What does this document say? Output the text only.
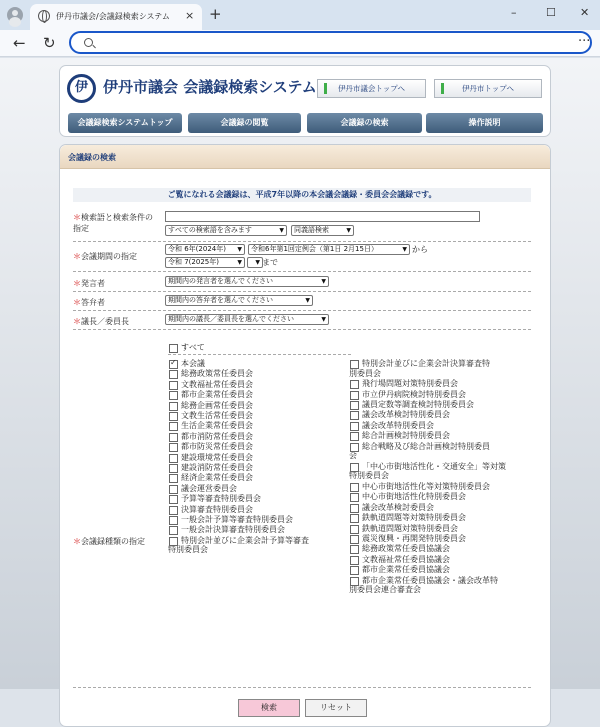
伊丹市議会/会議録検索システム × +	–	☐ ✕
← ↻	···
伊	伊丹市議会 会議録検索システム	伊丹市議会トップへ	伊丹市トップへ
会議録検索システムトップ	会議録の閲覧	会議録の検索	操作説明
会議録の検索
ご覧になれる会議録は、平成7年以降の本会議会議録・委員会会議録です。
＊検索語と検索条件の
指定	すべての検索語を含みます ▼	同義語検索 ▼
＊会議期間の指定
令和 6年(2024年) ▼	令和6年第1回定例会（第1日 2月15日） ▼	から
令和 7(2025年) ▼
▼	まで
＊発言者	期間内の発言者を選んでください ▼
＊答弁者	期間内の答弁者を選んでください ▼
＊議長／委員長	期間内の議長／委員長を選んでください ▼
＊会議録種類の指定
すべて
本会議 ✓
総務政策常任委員会
文教福祉常任委員会
都市企業常任委員会
総務企画常任委員会
文教生活常任委員会
生活企業常任委員会
都市消防常任委員会
都市防災常任委員会
建設環境常任委員会
建設消防常任委員会
経済企業常任委員会
議会運営委員会
予算等審査特別委員会
決算審査特別委員会
一般会計予算等審査特別委員会
一般会計決算審査特別委員会
特別会計並びに企業会計予算等審査
特別委員会
特別会計並びに企業会計決算審査特
別委員会
飛行場問題対策特別委員会
市立伊丹病院検討特別委員会
議員定数等調査検討特別委員会
議会改革検討特別委員会
議会改革特別委員会
総合計画検討特別委員会
総合戦略及び総合計画検討特別委員
会
「中心市街地活性化・交通安全」等対策
特別委員会
中心市街地活性化等対策特別委員会
中心市街地活性化特別委員会
議会改革検討委員会
鉄軌道問題等対策特別委員会
鉄軌道問題対策特別委員会
震災復興・再開発特別委員会
総務政策常任委員協議会
文教福祉常任委員協議会
都市企業常任委員協議会
都市企業常任委員協議会・議会改革特
別委員会連合審査会
検索	リセット
